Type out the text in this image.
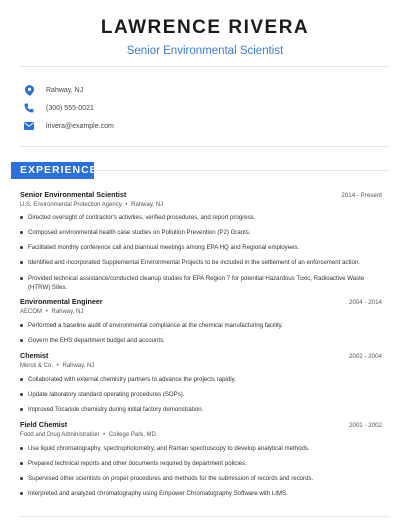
LAWRENCE RIVERA
Senior Environmental Scientist
Rahway, NJ
(300) 555-0021
lrivera@example.com
EXPERIENCE
Senior Environmental Scientist	2014 - Present
U.S. Environmental Protection Agency • Rahway, NJ
Directed oversight of contractor's activities, verified procedures, and report progress.
Composed environmental health case studies on Pollution Prevention (P2) Grants.
Facilitated monthly conference call and biannual meetings among EPA HQ and Regional employees.
Identified and incorporated Supplemental Environmental Projects to be included in the settlement of an enforcement action.
Provided technical assistance/conducted cleanup studies for EPA Region 7 for potential Hazardous Toxic, Radioactive Waste (HTRW) Sites.
Environmental Engineer	2004 - 2014
AECOM • Rahway, NJ
Performed a baseline audit of environmental compliance at the chemical manufacturing facility.
Govern the EHS department budget and accounts.
Chemist	2002 - 2004
Merck & Co. • Rahway, NJ
Collaborated with external chemistry partners to advance the projects rapidly.
Update laboratory standard operating procedures (SOPs).
Improved Tocanide chemistry during initial factory demonstration.
Field Chemist	2001 - 2002
Food and Drug Administration • College Park, MD
Use liquid chromatography, spectrophotometry, and Raman spectroscopy to develop analytical methods.
Prepared technical reports and other documents required by department policies.
Supervised other scientists on proper procedures and methods for the submission of records and records.
Interpreted and analyzed chromatography using Empower Chromatography Software with LIMS.
